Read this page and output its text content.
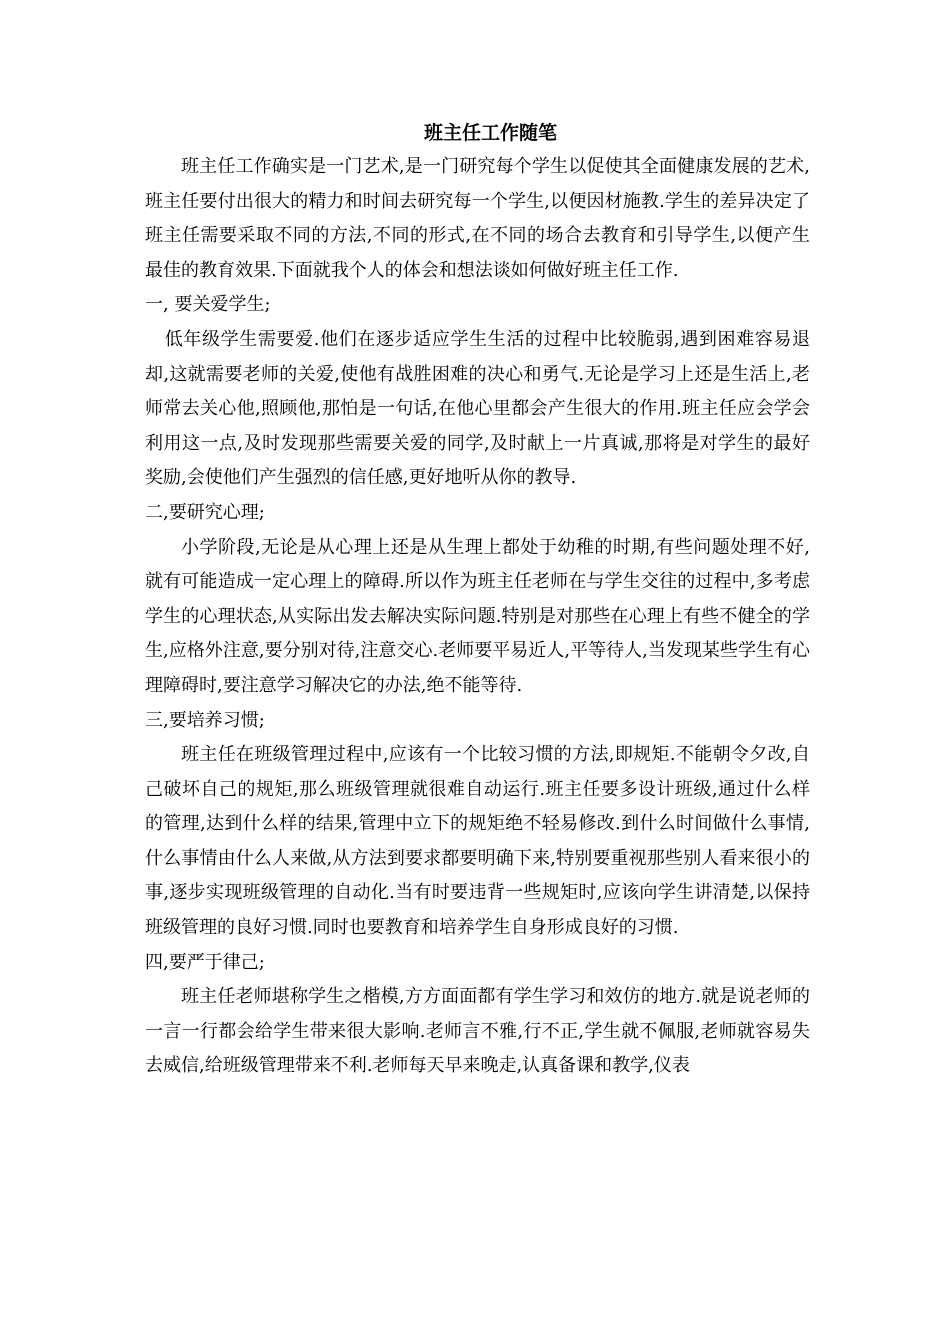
班主任工作随笔

班主任工作确实是一门艺术,是一门研究每个学生以促使其全面健康发展的艺术,班主任要付出很大的精力和时间去研究每一个学生,以便因材施教.学生的差异决定了班主任需要采取不同的方法,不同的形式,在不同的场合去教育和引导学生,以便产生最佳的教育效果.下面就我个人的体会和想法谈如何做好班主任工作.

一, 要关爱学生;

低年级学生需要爱.他们在逐步适应学生生活的过程中比较脆弱,遇到困难容易退却,这就需要老师的关爱,使他有战胜困难的决心和勇气.无论是学习上还是生活上,老师常去关心他,照顾他,那怕是一句话,在他心里都会产生很大的作用.班主任应会学会利用这一点,及时发现那些需要关爱的同学,及时献上一片真诚,那将是对学生的最好奖励,会使他们产生强烈的信任感,更好地听从你的教导.

二,要研究心理;

小学阶段,无论是从心理上还是从生理上都处于幼稚的时期,有些问题处理不好,就有可能造成一定心理上的障碍.所以作为班主任老师在与学生交往的过程中,多考虑学生的心理状态,从实际出发去解决实际问题.特别是对那些在心理上有些不健全的学生,应格外注意,要分别对待,注意交心.老师要平易近人,平等待人,当发现某些学生有心理障碍时,要注意学习解决它的办法,绝不能等待.

三,要培养习惯;

班主任在班级管理过程中,应该有一个比较习惯的方法,即规矩.不能朝令夕改,自己破坏自己的规矩,那么班级管理就很难自动运行.班主任要多设计班级,通过什么样的管理,达到什么样的结果,管理中立下的规矩绝不轻易修改.到什么时间做什么事情,什么事情由什么人来做,从方法到要求都要明确下来,特别要重视那些别人看来很小的事,逐步实现班级管理的自动化.当有时要违背一些规矩时,应该向学生讲清楚,以保持班级管理的良好习惯.同时也要教育和培养学生自身形成良好的习惯.

四,要严于律己;

班主任老师堪称学生之楷模,方方面面都有学生学习和效仿的地方.就是说老师的一言一行都会给学生带来很大影响.老师言不雅,行不正,学生就不佩服,老师就容易失去威信,给班级管理带来不利.老师每天早来晚走,认真备课和教学,仪表
